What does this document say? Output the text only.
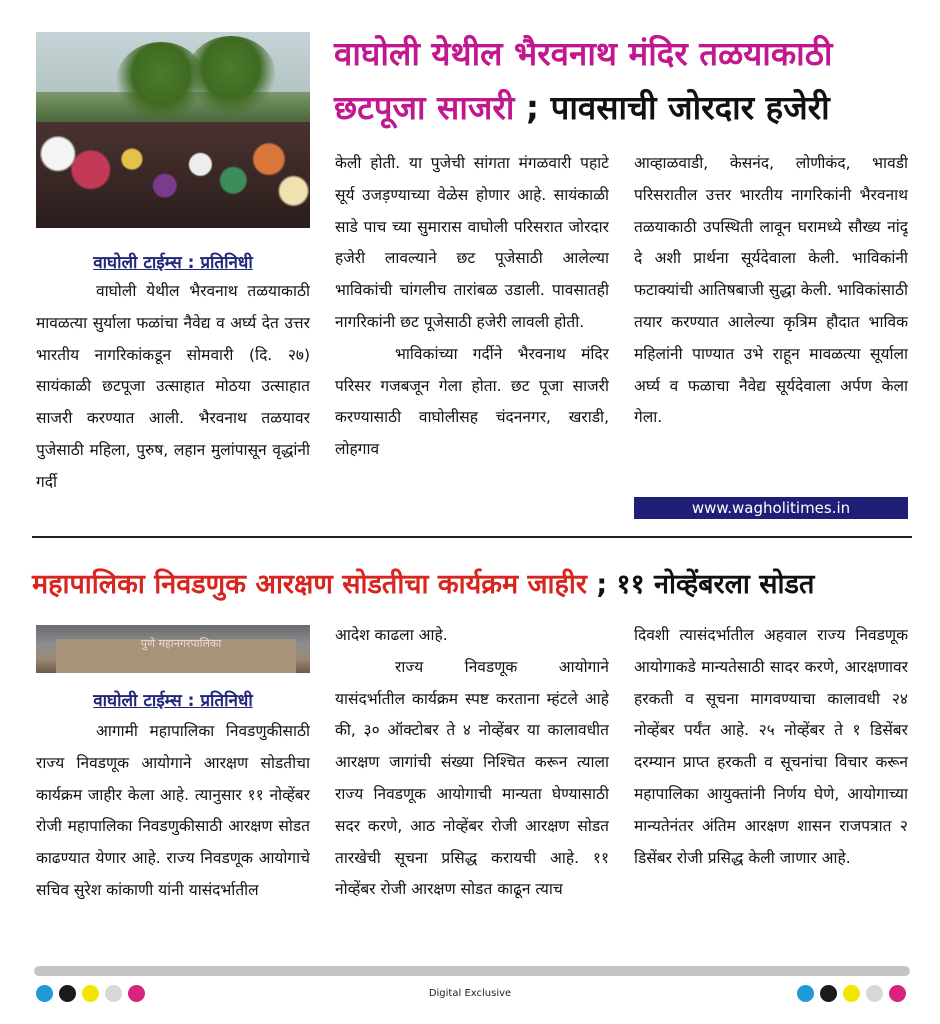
वाघोली येथील भैरवनाथ मंदिर तळयाकाठी
छटपूजा साजरी ; पावसाची जोरदार हजेरी
वाघोली टाईम्स : प्रतिनिधी

वाघोली येथील भैरवनाथ तळयाकाठी मावळत्या सुर्याला फळांचा नैवेद्य व अर्घ्य देत उत्तर भारतीय नागरिकांकडून सोमवारी (दि. २७) सायंकाळी छटपूजा उत्साहात मोठया उत्साहात साजरी करण्यात आली. भैरवनाथ तळयावर पुजेसाठी महिला, पुरुष, लहान मुलांपासून वृद्धांनी गर्दी

केली होती. या पुजेची सांगता मंगळवारी पहाटे सूर्य उजड़ण्याच्या वेळेस होणार आहे. सायंकाळी साडे पाच च्या सुमारास वाघोली परिसरात जोरदार हजेरी लावल्याने छट पूजेसाठी आलेल्या भाविकांची चांगलीच तारांबळ उडाली. पावसातही नागरिकांनी छट पूजेसाठी हजेरी लावली होती.

भाविकांच्या गर्दीने भैरवनाथ मंदिर परिसर गजबजून गेला होता. छट पूजा साजरी करण्यासाठी वाघोलीसह चंदननगर, खराडी, लोहगाव

आव्हाळवाडी, केसनंद, लोणीकंद, भावडी परिसरातील उत्तर भारतीय नागरिकांनी भैरवनाथ तळयाकाठी उपस्थिती लावून घरामध्ये सौख्य नांदू दे अशी प्रार्थना सूर्यदेवाला केली. भाविकांनी फटाक्यांची आतिषबाजी सुद्धा केली. भाविकांसाठी तयार करण्यात आलेल्या कृत्रिम हौदात भाविक महिलांनी पाण्यात उभे राहून मावळत्या सूर्याला अर्घ्य व फळाचा नैवेद्य सूर्यदेवाला अर्पण केला गेला.

www.wagholitimes.in
महापालिका निवडणुक आरक्षण सोडतीचा कार्यक्रम जाहीर ; ११ नोव्हेंबरला सोडत
पुणे महानगरपालिका
वाघोली टाईम्स : प्रतिनिधी

आगामी महापालिका निवडणुकीसाठी राज्य निवडणूक आयोगाने आरक्षण सोडतीचा कार्यक्रम जाहीर केला आहे. त्यानुसार ११ नोव्हेंबर रोजी महापालिका निवडणुकीसाठी आरक्षण सोडत काढण्यात येणार आहे. राज्य निवडणूक आयोगाचे सचिव सुरेश कांकाणी यांनी यासंदर्भातील

आदेश काढला आहे.

राज्य निवडणूक आयोगाने यासंदर्भातील कार्यक्रम स्पष्ट करताना म्हंटले आहे की, ३० ऑक्टोबर ते ४ नोव्हेंबर या कालावधीत आरक्षण जागांची संख्या निश्चित करून त्याला राज्य निवडणूक आयोगाची मान्यता घेण्यासाठी सदर करणे, आठ नोव्हेंबर रोजी आरक्षण सोडत तारखेची सूचना प्रसिद्ध करायची आहे. ११ नोव्हेंबर रोजी आरक्षण सोडत काढून त्याच

दिवशी त्यासंदर्भातील अहवाल राज्य निवडणूक आयोगाकडे मान्यतेसाठी सादर करणे, आरक्षणावर हरकती व सूचना मागवण्याचा कालावधी २४ नोव्हेंबर पर्यंत आहे. २५ नोव्हेंबर ते १ डिसेंबर दरम्यान प्राप्त हरकती व सूचनांचा विचार करून महापालिका आयुक्तांनी निर्णय घेणे, आयोगाच्या मान्यतेनंतर अंतिम आरक्षण शासन राजपत्रात २ डिसेंबर रोजी प्रसिद्ध केली जाणार आहे.

Digital Exclusive
